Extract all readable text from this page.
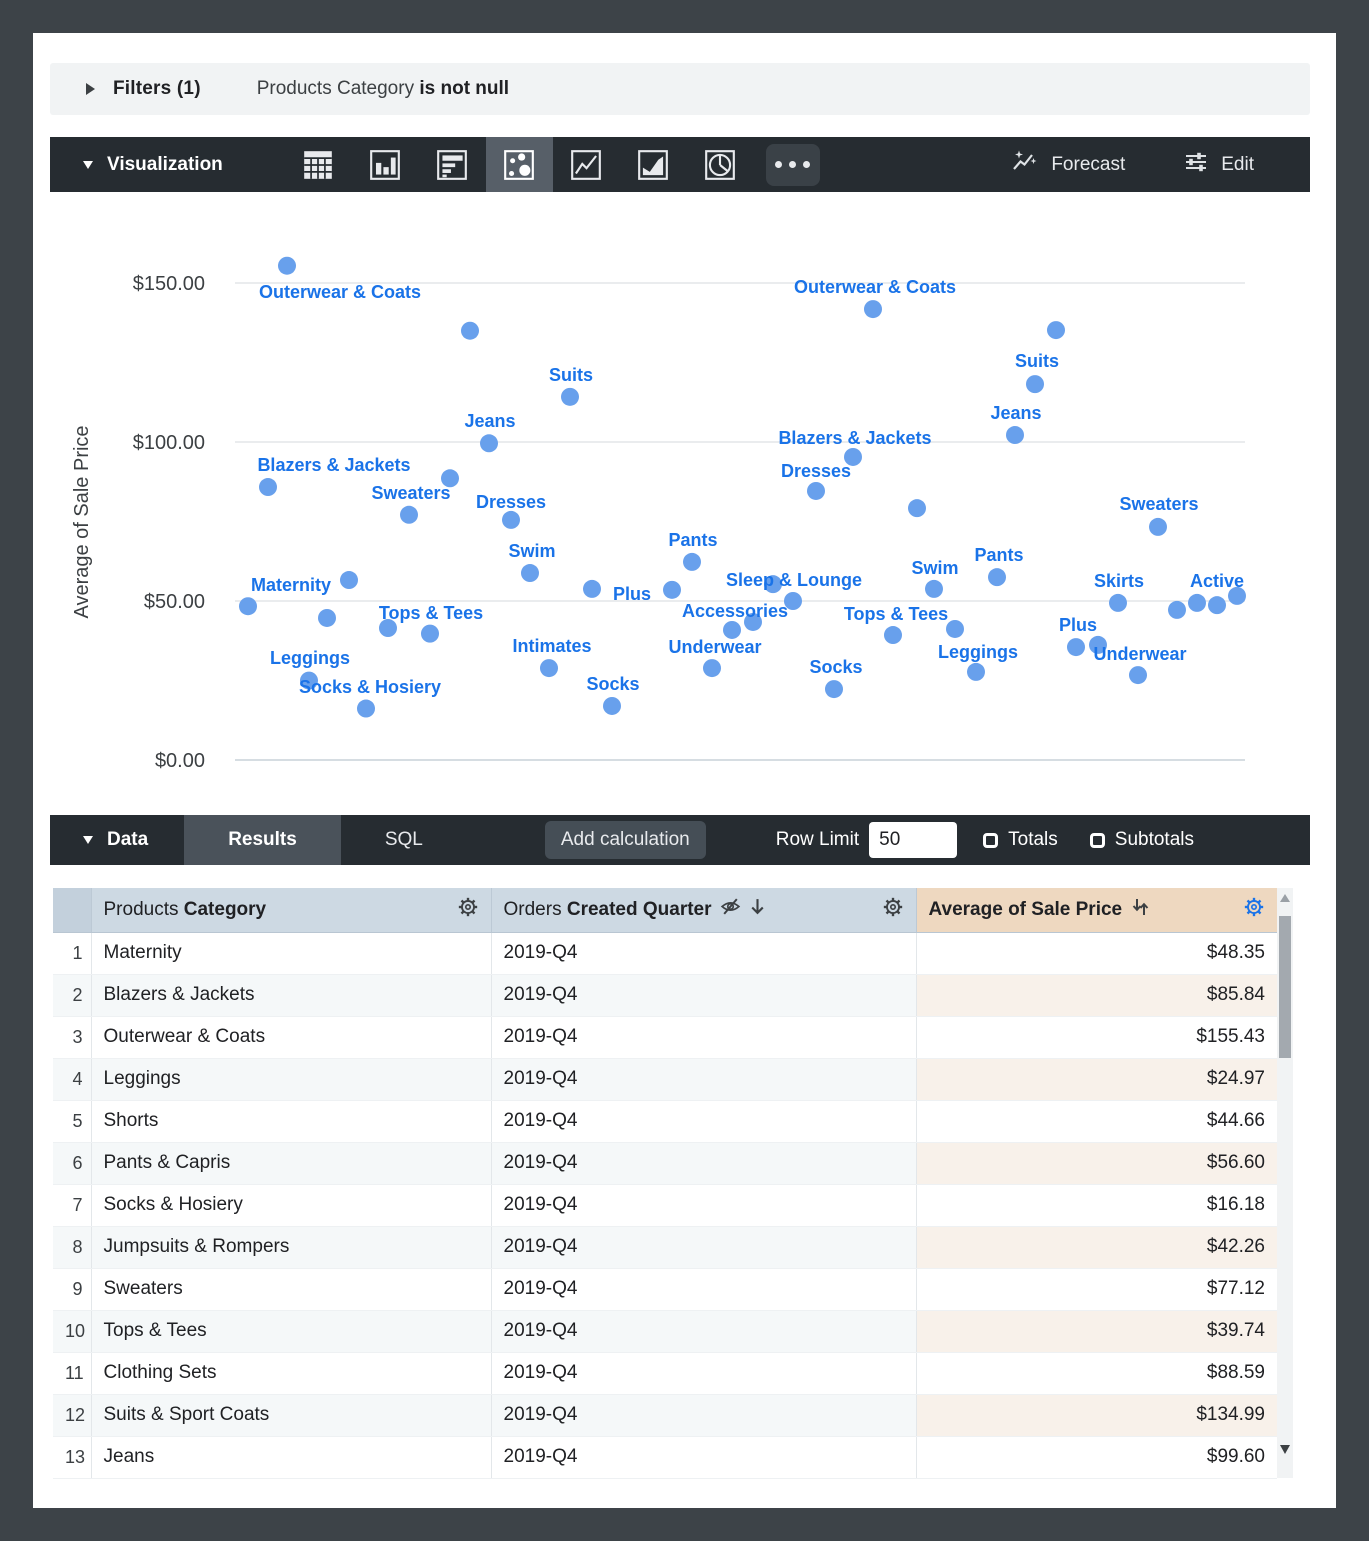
Filters (1)	Products Category is not null
Visualization	Forecast	Edit
$150.00
$100.00
$50.00
$0.00
Average of Sale Price
Outerwear & Coats
Suits
Jeans
Blazers & Jackets
Sweaters Dresses
Swim
Maternity
Tops & Tees
Leggings
Socks & Hosiery
Intimates
Socks
Plus
Pants
Sleep & Lounge
Accessories
Underwear
Socks
Outerwear & Coats
Suits
Jeans
Blazers & Jackets
Dresses
Sweaters
Swim
Pants
Tops & Tees
Leggings
Plus
Underwear
Skirts	Active
Data	Results	SQL	Add calculation	Row Limit
50	Totals	Subtotals

	Products Category	Orders Created Quarter	Average of Sale Price

1	Maternity	2019-Q4	$48.35
2	Blazers & Jackets	2019-Q4	$85.84
3	Outerwear & Coats	2019-Q4	$155.43
4	Leggings	2019-Q4	$24.97
5	Shorts	2019-Q4	$44.66
6	Pants & Capris	2019-Q4	$56.60
7	Socks & Hosiery	2019-Q4	$16.18
8	Jumpsuits & Rompers	2019-Q4	$42.26
9	Sweaters	2019-Q4	$77.12
10	Tops & Tees	2019-Q4	$39.74
11	Clothing Sets	2019-Q4	$88.59
12	Suits & Sport Coats	2019-Q4	$134.99
13	Jeans	2019-Q4	$99.60
